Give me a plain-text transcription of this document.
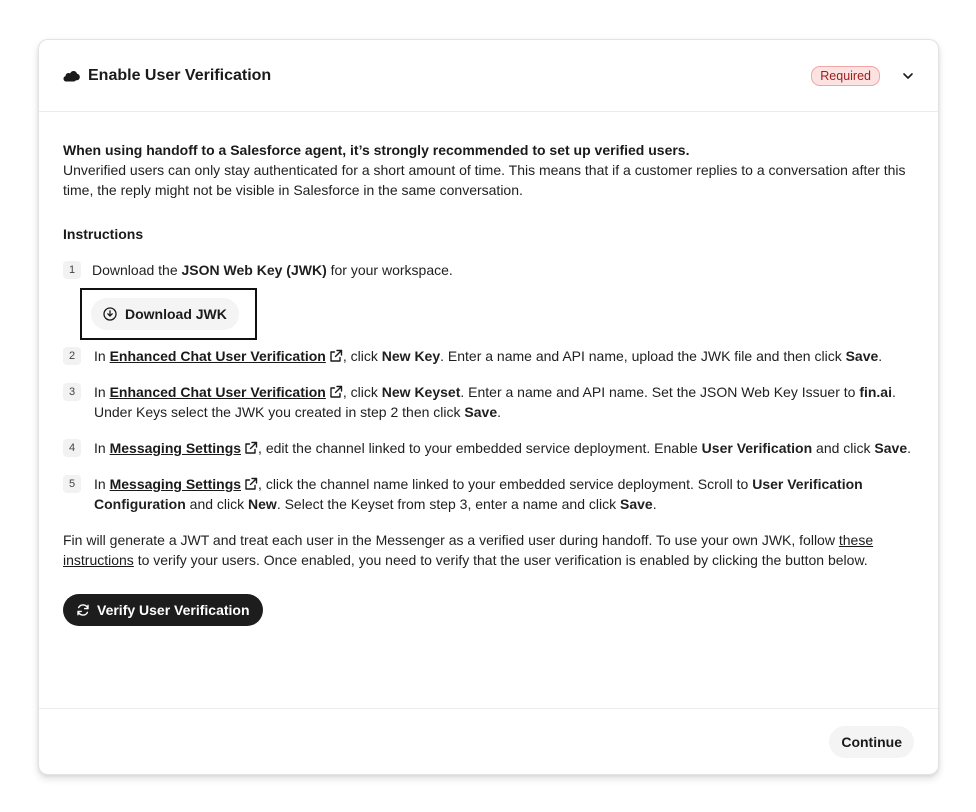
Enable User Verification	Required
When using handoff to a Salesforce agent, it’s strongly recommended to set up verified users.
Unverified users can only stay authenticated for a short amount of time. This means that if a customer replies to a conversation after this time, the reply might not be visible in Salesforce in the same conversation.
Instructions
1	Download the JSON Web Key (JWK) for your workspace.
Download JWK
2	In Enhanced Chat User Verification , click New Key. Enter a name and API name, upload the JWK file and then click Save.
3	In Enhanced Chat User Verification , click New Keyset. Enter a name and API name. Set the JSON Web Key Issuer to fin.ai. Under Keys select the JWK you created in step 2 then click Save.
4	In Messaging Settings , edit the channel linked to your embedded service deployment. Enable User Verification and click Save.
5	In Messaging Settings , click the channel name linked to your embedded service deployment. Scroll to User Verification Configuration and click New. Select the Keyset from step 3, enter a name and click Save.
Fin will generate a JWT and treat each user in the Messenger as a verified user during handoff. To use your own JWK, follow these instructions to verify your users. Once enabled, you need to verify that the user verification is enabled by clicking the button below.
Verify User Verification
Continue
